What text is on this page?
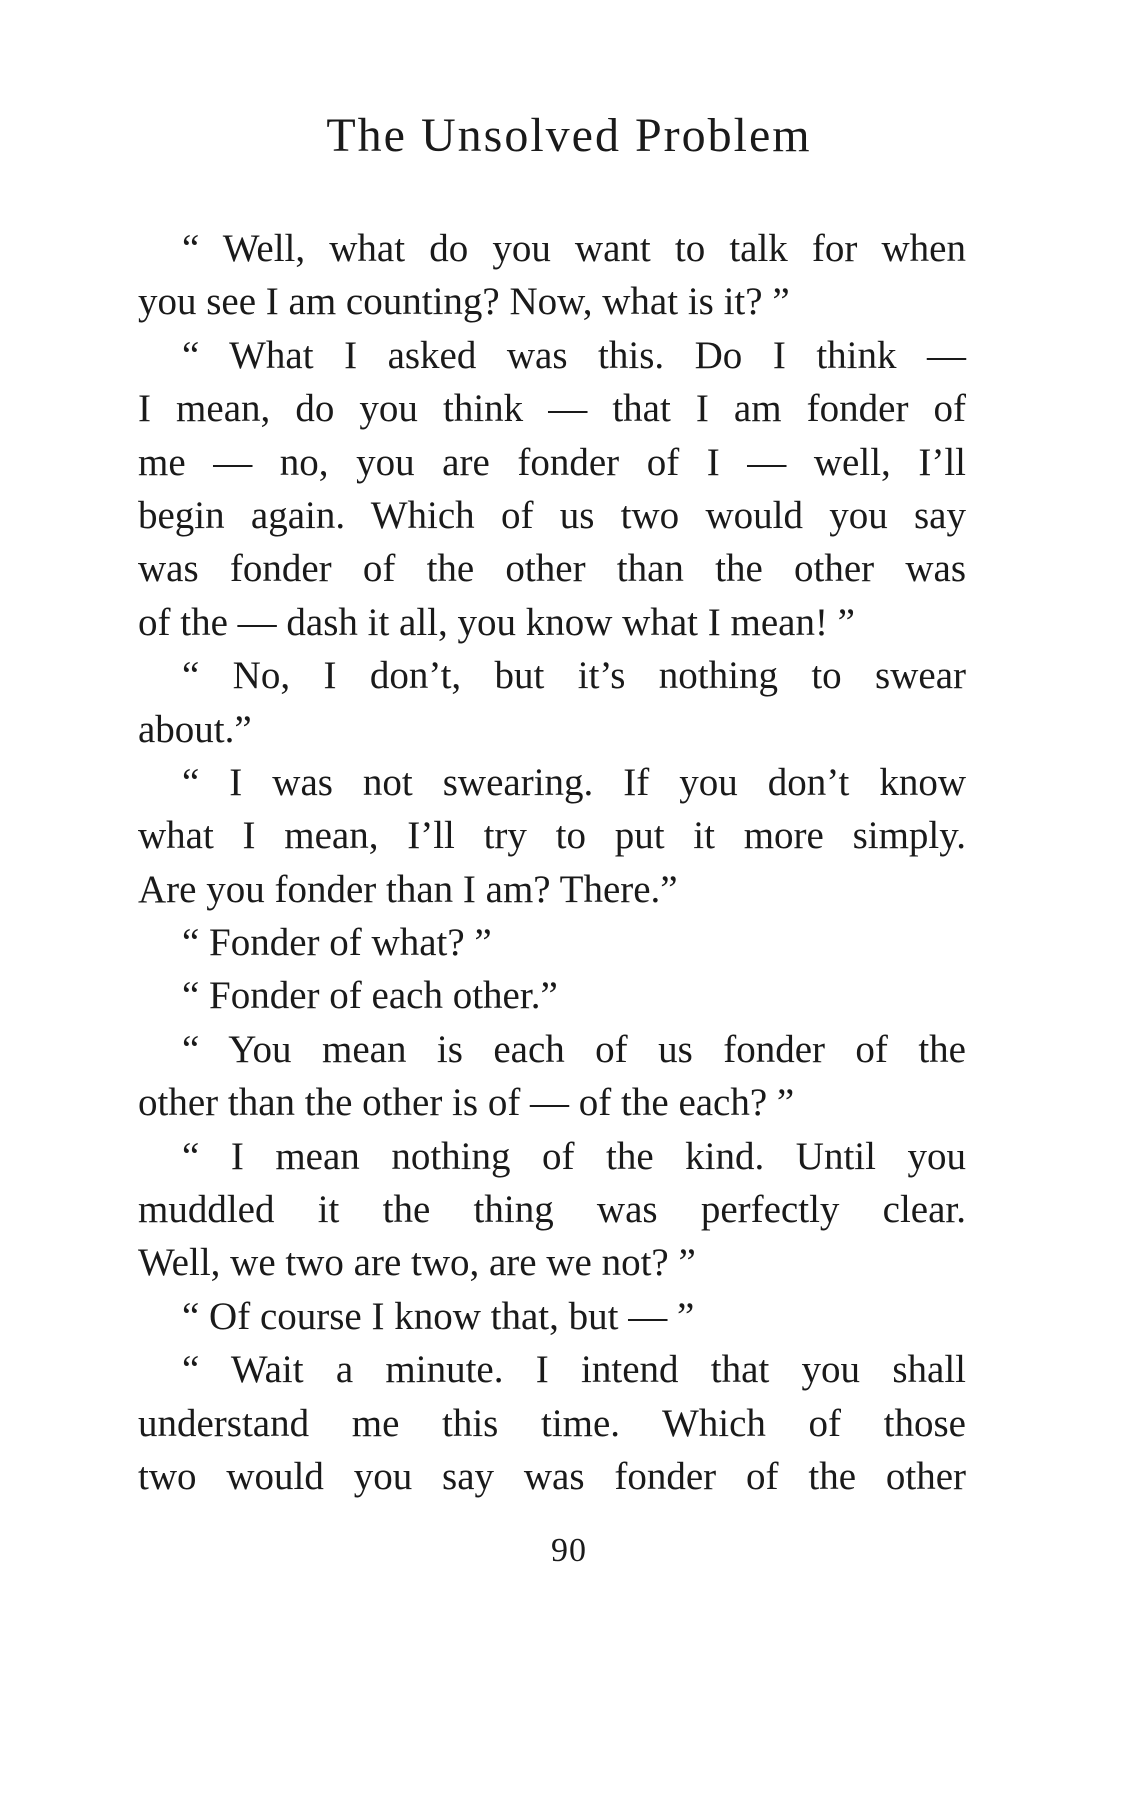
The Unsolved Problem
“ Well, what do you want to talk for when
you see I am counting? Now, what is it? ”
“ What I asked was this. Do I think —
I mean, do you think — that I am fonder of
me — no, you are fonder of I — well, I’ll
begin again. Which of us two would you say
was fonder of the other than the other was
of the — dash it all, you know what I mean! ”
“ No, I don’t, but it’s nothing to swear
about.”
“ I was not swearing. If you don’t know
what I mean, I’ll try to put it more simply.
Are you fonder than I am? There.”
“ Fonder of what? ”
“ Fonder of each other.”
“ You mean is each of us fonder of the
other than the other is of — of the each? ”
“ I mean nothing of the kind. Until you
muddled it the thing was perfectly clear.
Well, we two are two, are we not? ”
“ Of course I know that, but — ”
“ Wait a minute. I intend that you shall
understand me this time. Which of those
two would you say was fonder of the other
90
